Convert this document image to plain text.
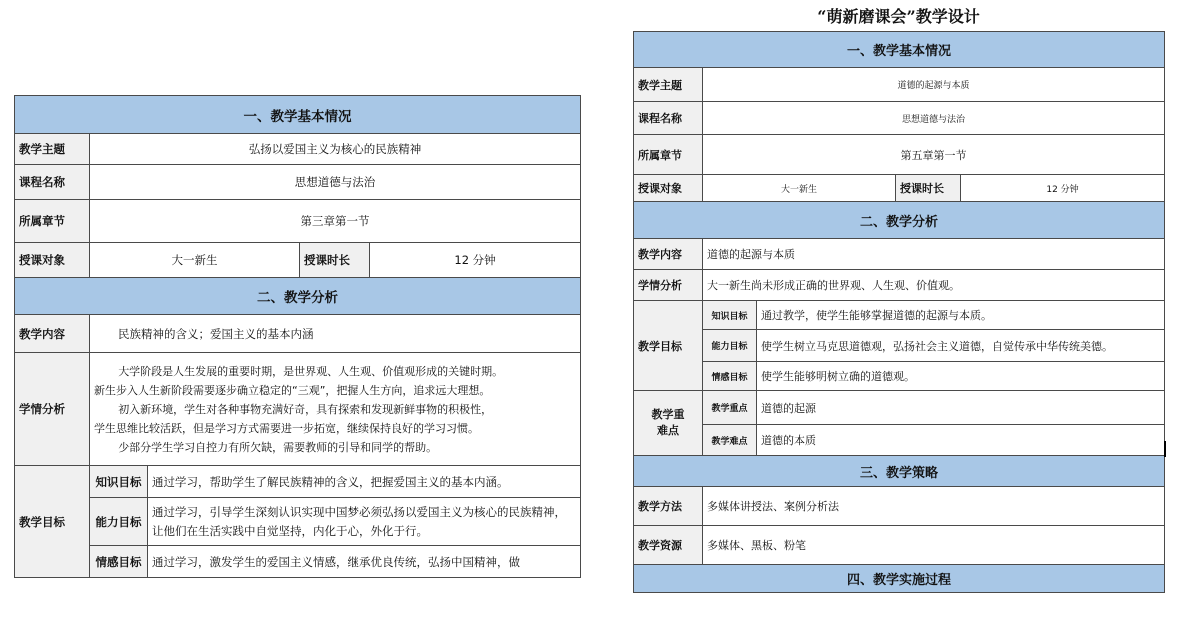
一、教学基本情况				
教学主题	弘扬以爱国主义为核心的民族精神			
课程名称	思想道德与法治			
所属章节	第三章第一节			
授课对象	大一新生		授课时长	12 分钟
二、教学分析				
教学内容	民族精神的含义；爱国主义的基本内涵			
学情分析	大学阶段是人生发展的重要时期，是世界观、人生观、价值观形成的关键时期。
新生步入人生新阶段需要逐步确立稳定的“三观”，把握人生方向，追求远大理想。
初入新环境，学生对各种事物充满好奇，具有探索和发现新鲜事物的积极性，
学生思维比较活跃，但是学习方式需要进一步拓宽，继续保持良好的学习习惯。
少部分学生学习自控力有所欠缺，需要教师的引导和同学的帮助。			

教学目标	知识目标	通过学习，帮助学生了解民族精神的含义，把握爱国主义的基本内涵。		
	能力目标	通过学习，引导学生深刻认识实现中国梦必须弘扬以爱国主义为核心的民族精神，让他们在生活实践中自觉坚持，内化于心，外化于行。		
	情感目标	通过学习，激发学生的爱国主义情感，继承优良传统，弘扬中国精神，做		
“萌新磨课会”教学设计
一、教学基本情况				
教学主题	道德的起源与本质			
课程名称	思想道德与法治			
所属章节	第五章第一节			
授课对象	大一新生		授课时长	12 分钟
二、教学分析				
教学内容	道德的起源与本质			
学情分析	大一新生尚未形成正确的世界观、人生观、价值观。			
教学目标	知识目标	通过教学，使学生能够掌握道德的起源与本质。		
	能力目标	使学生树立马克思道德观，弘扬社会主义道德，自觉传承中华传统美德。		
	情感目标	使学生能够明树立确的道德观。		
教学重难点	教学重点	道德的起源		
	教学难点	道德的本质		
三、教学策略				
教学方法	多媒体讲授法、案例分析法			
教学资源	多媒体、黑板、粉笔			
四、教学实施过程				
